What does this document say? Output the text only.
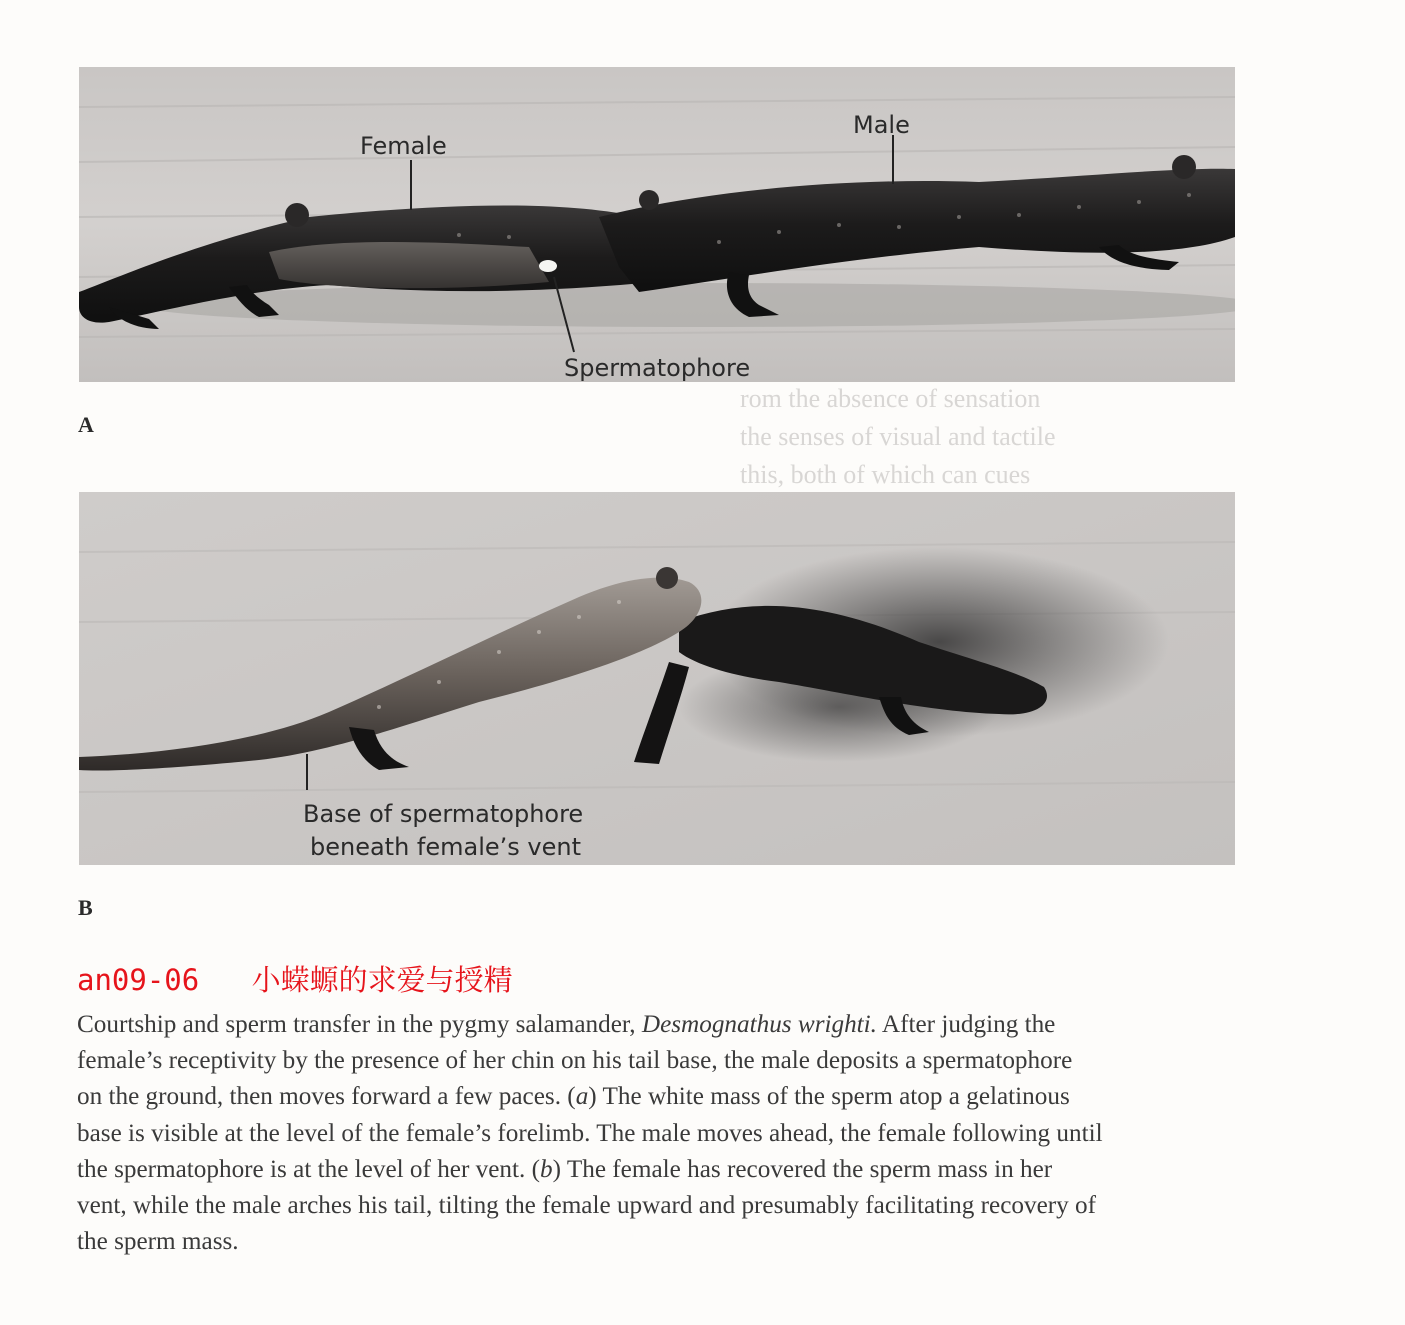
Female
Male
Spermatophore
A
rom the absence of sensation
the senses of visual and tactile
this, both of which can cues
Base of spermatophore
beneath female’s vent
B
an09-06   小蝾螈的求爱与授精
Courtship and sperm transfer in the pygmy salamander, Desmognathus wrighti. After judging the
female’s receptivity by the presence of her chin on his tail base, the male deposits a spermatophore
on the ground, then moves forward a few paces. (a) The white mass of the sperm atop a gelatinous
base is visible at the level of the female’s forelimb. The male moves ahead, the female following until
the spermatophore is at the level of her vent. (b) The female has recovered the sperm mass in her
vent, while the male arches his tail, tilting the female upward and presumably facilitating recovery of
the sperm mass.
